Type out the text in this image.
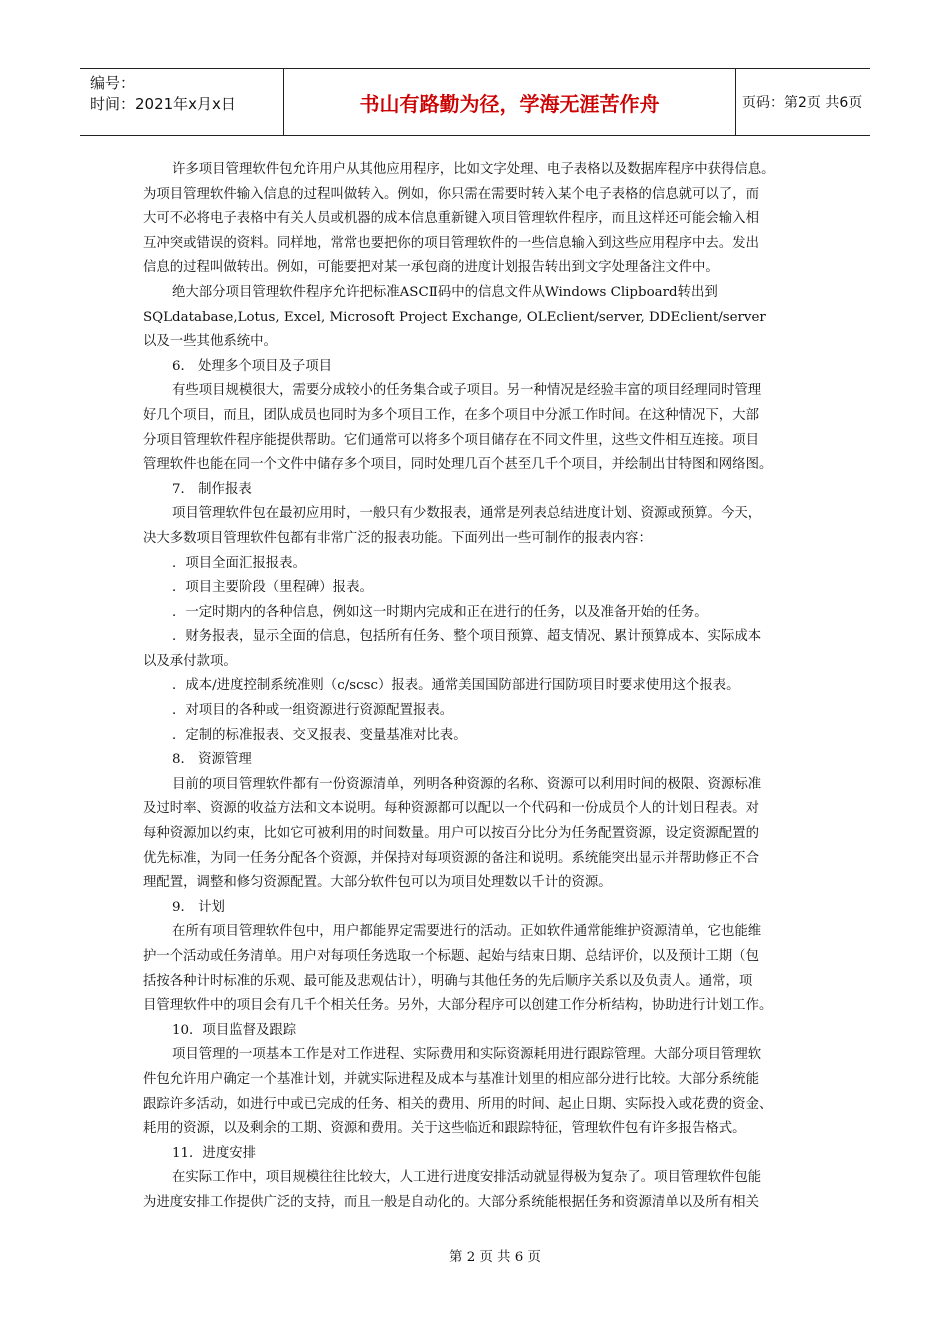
编号：
时间：2021年x月x日	书山有路勤为径，学海无涯苦作舟	页码：第2页 共6页

许多项目管理软件包允许用户从其他应用程序，比如文字处理、电子表格以及数据库程序中获得信息。

为项目管理软件输入信息的过程叫做转入。例如，你只需在需要时转入某个电子表格的信息就可以了，而

大可不必将电子表格中有关人员或机器的成本信息重新键入项目管理软件程序，而且这样还可能会输入相

互冲突或错误的资料。同样地，常常也要把你的项目管理软件的一些信息输入到这些应用程序中去。发出

信息的过程叫做转出。例如，可能要把对某一承包商的进度计划报告转出到文字处理备注文件中。

绝大部分项目管理软件程序允许把标准ASCⅡ码中的信息文件从Windows Clipboard转出到

SQLdatabase,Lotus, Excel, Microsoft Project Exchange, OLEclient/server, DDEclient/server

以及一些其他系统中。

6． 处理多个项目及子项目

有些项目规模很大，需要分成较小的任务集合或子项目。另一种情况是经验丰富的项目经理同时管理

好几个项目，而且，团队成员也同时为多个项目工作，在多个项目中分派工作时间。在这种情况下，大部

分项目管理软件程序能提供帮助。它们通常可以将多个项目储存在不同文件里，这些文件相互连接。项目

管理软件也能在同一个文件中储存多个项目，同时处理几百个甚至几千个项目，并绘制出甘特图和网络图。

7． 制作报表

项目管理软件包在最初应用时，一般只有少数报表，通常是列表总结进度计划、资源或预算。今天，

决大多数项目管理软件包都有非常广泛的报表功能。下面列出一些可制作的报表内容：

．项目全面汇报报表。

．项目主要阶段（里程碑）报表。

．一定时期内的各种信息，例如这一时期内完成和正在进行的任务，以及准备开始的任务。

．财务报表，显示全面的信息，包括所有任务、整个项目预算、超支情况、累计预算成本、实际成本

以及承付款项。

．成本/进度控制系统准则（c/scsc）报表。通常美国国防部进行国防项目时要求使用这个报表。

．对项目的各种或一组资源进行资源配置报表。

．定制的标准报表、交叉报表、变量基准对比表。

8． 资源管理

目前的项目管理软件都有一份资源清单，列明各种资源的名称、资源可以利用时间的极限、资源标准

及过时率、资源的收益方法和文本说明。每种资源都可以配以一个代码和一份成员个人的计划日程表。对

每种资源加以约束，比如它可被利用的时间数量。用户可以按百分比分为任务配置资源，设定资源配置的

优先标准，为同一任务分配各个资源，并保持对每项资源的备注和说明。系统能突出显示并帮助修正不合

理配置，调整和修匀资源配置。大部分软件包可以为项目处理数以千计的资源。

9． 计划

在所有项目管理软件包中，用户都能界定需要进行的活动。正如软件通常能维护资源清单，它也能维

护一个活动或任务清单。用户对每项任务选取一个标题、起始与结束日期、总结评价，以及预计工期（包

括按各种计时标准的乐观、最可能及悲观估计），明确与其他任务的先后顺序关系以及负责人。通常，项

目管理软件中的项目会有几千个相关任务。另外，大部分程序可以创建工作分析结构，协助进行计划工作。

10．项目监督及跟踪

项目管理的一项基本工作是对工作进程、实际费用和实际资源耗用进行跟踪管理。大部分项目管理软

件包允许用户确定一个基准计划，并就实际进程及成本与基准计划里的相应部分进行比较。大部分系统能

跟踪许多活动，如进行中或已完成的任务、相关的费用、所用的时间、起止日期、实际投入或花费的资金、

耗用的资源，以及剩余的工期、资源和费用。关于这些临近和跟踪特征，管理软件包有许多报告格式。

11．进度安排

在实际工作中，项目规模往往比较大，人工进行进度安排活动就显得极为复杂了。项目管理软件包能

为进度安排工作提供广泛的支持，而且一般是自动化的。大部分系统能根据任务和资源清单以及所有相关

第 2 页 共 6 页
